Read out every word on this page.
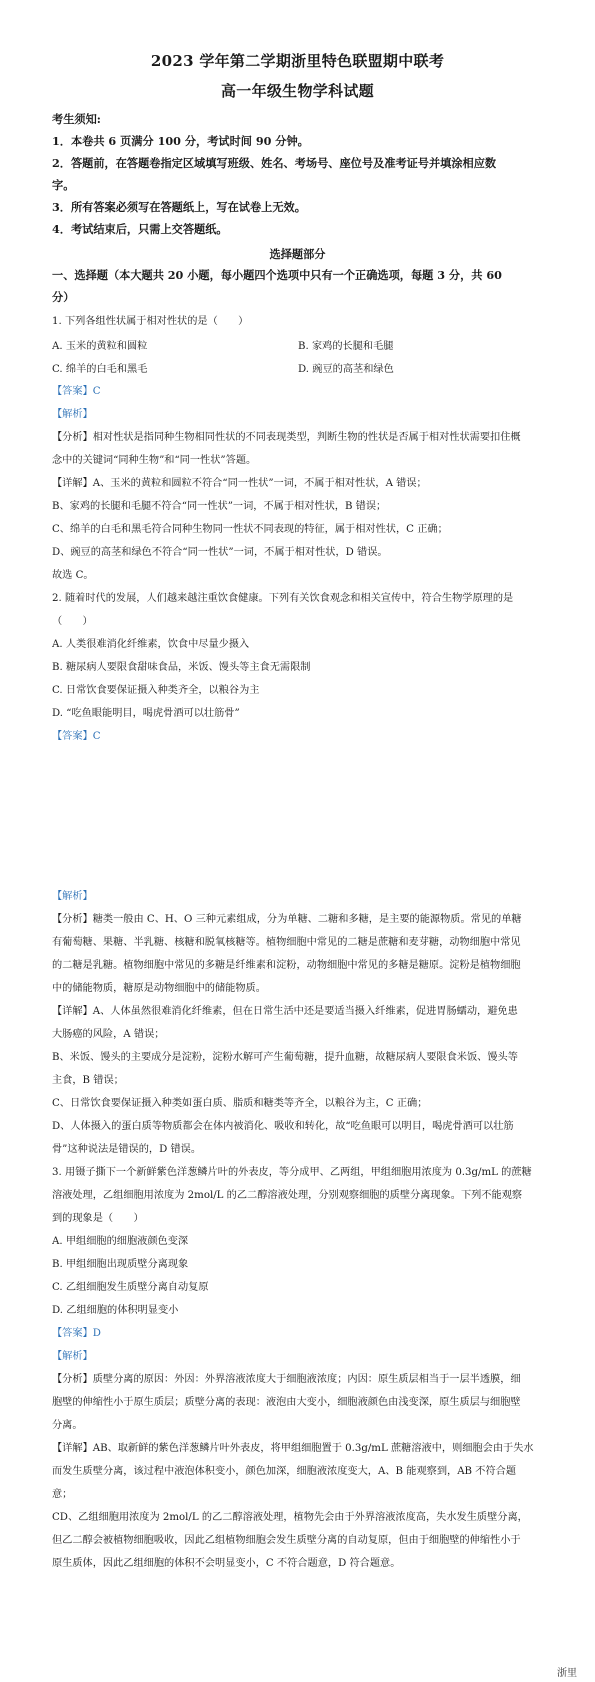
2023 学年第二学期浙里特色联盟期中联考
高一年级生物学科试题
考生须知:
1．本卷共 6 页满分 100 分，考试时间 90 分钟。
2．答题前，在答题卷指定区域填写班级、姓名、考场号、座位号及准考证号并填涂相应数
字。
3．所有答案必须写在答题纸上，写在试卷上无效。
4．考试结束后，只需上交答题纸。
选择题部分
一、选择题（本大题共 20 小题，每小题四个选项中只有一个正确选项，每题 3 分，共 60
分）
1. 下列各组性状属于相对性状的是（　　）
A. 玉米的黄粒和圆粒	B. 家鸡的长腿和毛腿
C. 绵羊的白毛和黑毛	D. 豌豆的高茎和绿色
【答案】C
【解析】
【分析】相对性状是指同种生物相同性状的不同表现类型，判断生物的性状是否属于相对性状需要扣住概
念中的关键词“同种生物”和“同一性状”答题。
【详解】A、玉米的黄粒和圆粒不符合“同一性状”一词，不属于相对性状，A 错误；
B、家鸡的长腿和毛腿不符合“同一性状”一词，不属于相对性状，B 错误；
C、绵羊的白毛和黑毛符合同种生物同一性状不同表现的特征，属于相对性状，C 正确；
D、豌豆的高茎和绿色不符合“同一性状”一词，不属于相对性状，D 错误。
故选 C。
2. 随着时代的发展，人们越来越注重饮食健康。下列有关饮食观念和相关宣传中，符合生物学原理的是
（　　）
A. 人类很难消化纤维素，饮食中尽量少摄入
B. 糖尿病人要限食甜味食品，米饭、馒头等主食无需限制
C. 日常饮食要保证摄入种类齐全，以粮谷为主
D. “吃鱼眼能明目，喝虎骨酒可以壮筋骨”
【答案】C
【解析】
【分析】糖类一般由 C、H、O 三种元素组成，分为单糖、二糖和多糖，是主要的能源物质。常见的单糖
有葡萄糖、果糖、半乳糖、核糖和脱氧核糖等。植物细胞中常见的二糖是蔗糖和麦芽糖，动物细胞中常见
的二糖是乳糖。植物细胞中常见的多糖是纤维素和淀粉，动物细胞中常见的多糖是糖原。淀粉是植物细胞
中的储能物质，糖原是动物细胞中的储能物质。
【详解】A、人体虽然很难消化纤维素，但在日常生活中还是要适当摄入纤维素，促进胃肠蠕动，避免患
大肠癌的风险，A 错误；
B、米饭、馒头的主要成分是淀粉，淀粉水解可产生葡萄糖，提升血糖，故糖尿病人要限食米饭、馒头等
主食，B 错误；
C、日常饮食要保证摄入种类如蛋白质、脂质和糖类等齐全，以粮谷为主，C 正确；
D、人体摄入的蛋白质等物质都会在体内被消化、吸收和转化，故“吃鱼眼可以明目，喝虎骨酒可以壮筋
骨”这种说法是错误的，D 错误。
3. 用镊子撕下一个新鲜紫色洋葱鳞片叶的外表皮，等分成甲、乙两组，甲组细胞用浓度为 0.3g/mL 的蔗糖
溶液处理，乙组细胞用浓度为 2mol/L 的乙二醇溶液处理，分别观察细胞的质壁分离现象。下列不能观察
到的现象是（　　）
A. 甲组细胞的细胞液颜色变深
B. 甲组细胞出现质壁分离现象
C. 乙组细胞发生质壁分离自动复原
D. 乙组细胞的体积明显变小
【答案】D
【解析】
【分析】质壁分离的原因：外因：外界溶液浓度大于细胞液浓度；内因：原生质层相当于一层半透膜，细
胞壁的伸缩性小于原生质层；质壁分离的表现：液泡由大变小，细胞液颜色由浅变深，原生质层与细胞壁
分离。
【详解】AB、取新鲜的紫色洋葱鳞片叶外表皮，将甲组细胞置于 0.3g/mL 蔗糖溶液中，则细胞会由于失水
而发生质壁分离，该过程中液泡体积变小，颜色加深，细胞液浓度变大，A、B 能观察到，AB 不符合题
意；
CD、乙组细胞用浓度为 2mol/L 的乙二醇溶液处理，植物先会由于外界溶液浓度高，失水发生质壁分离，
但乙二醇会被植物细胞吸收，因此乙组植物细胞会发生质壁分离的自动复原，但由于细胞壁的伸缩性小于
原生质体，因此乙组细胞的体积不会明显变小，C 不符合题意，D 符合题意。
浙里
